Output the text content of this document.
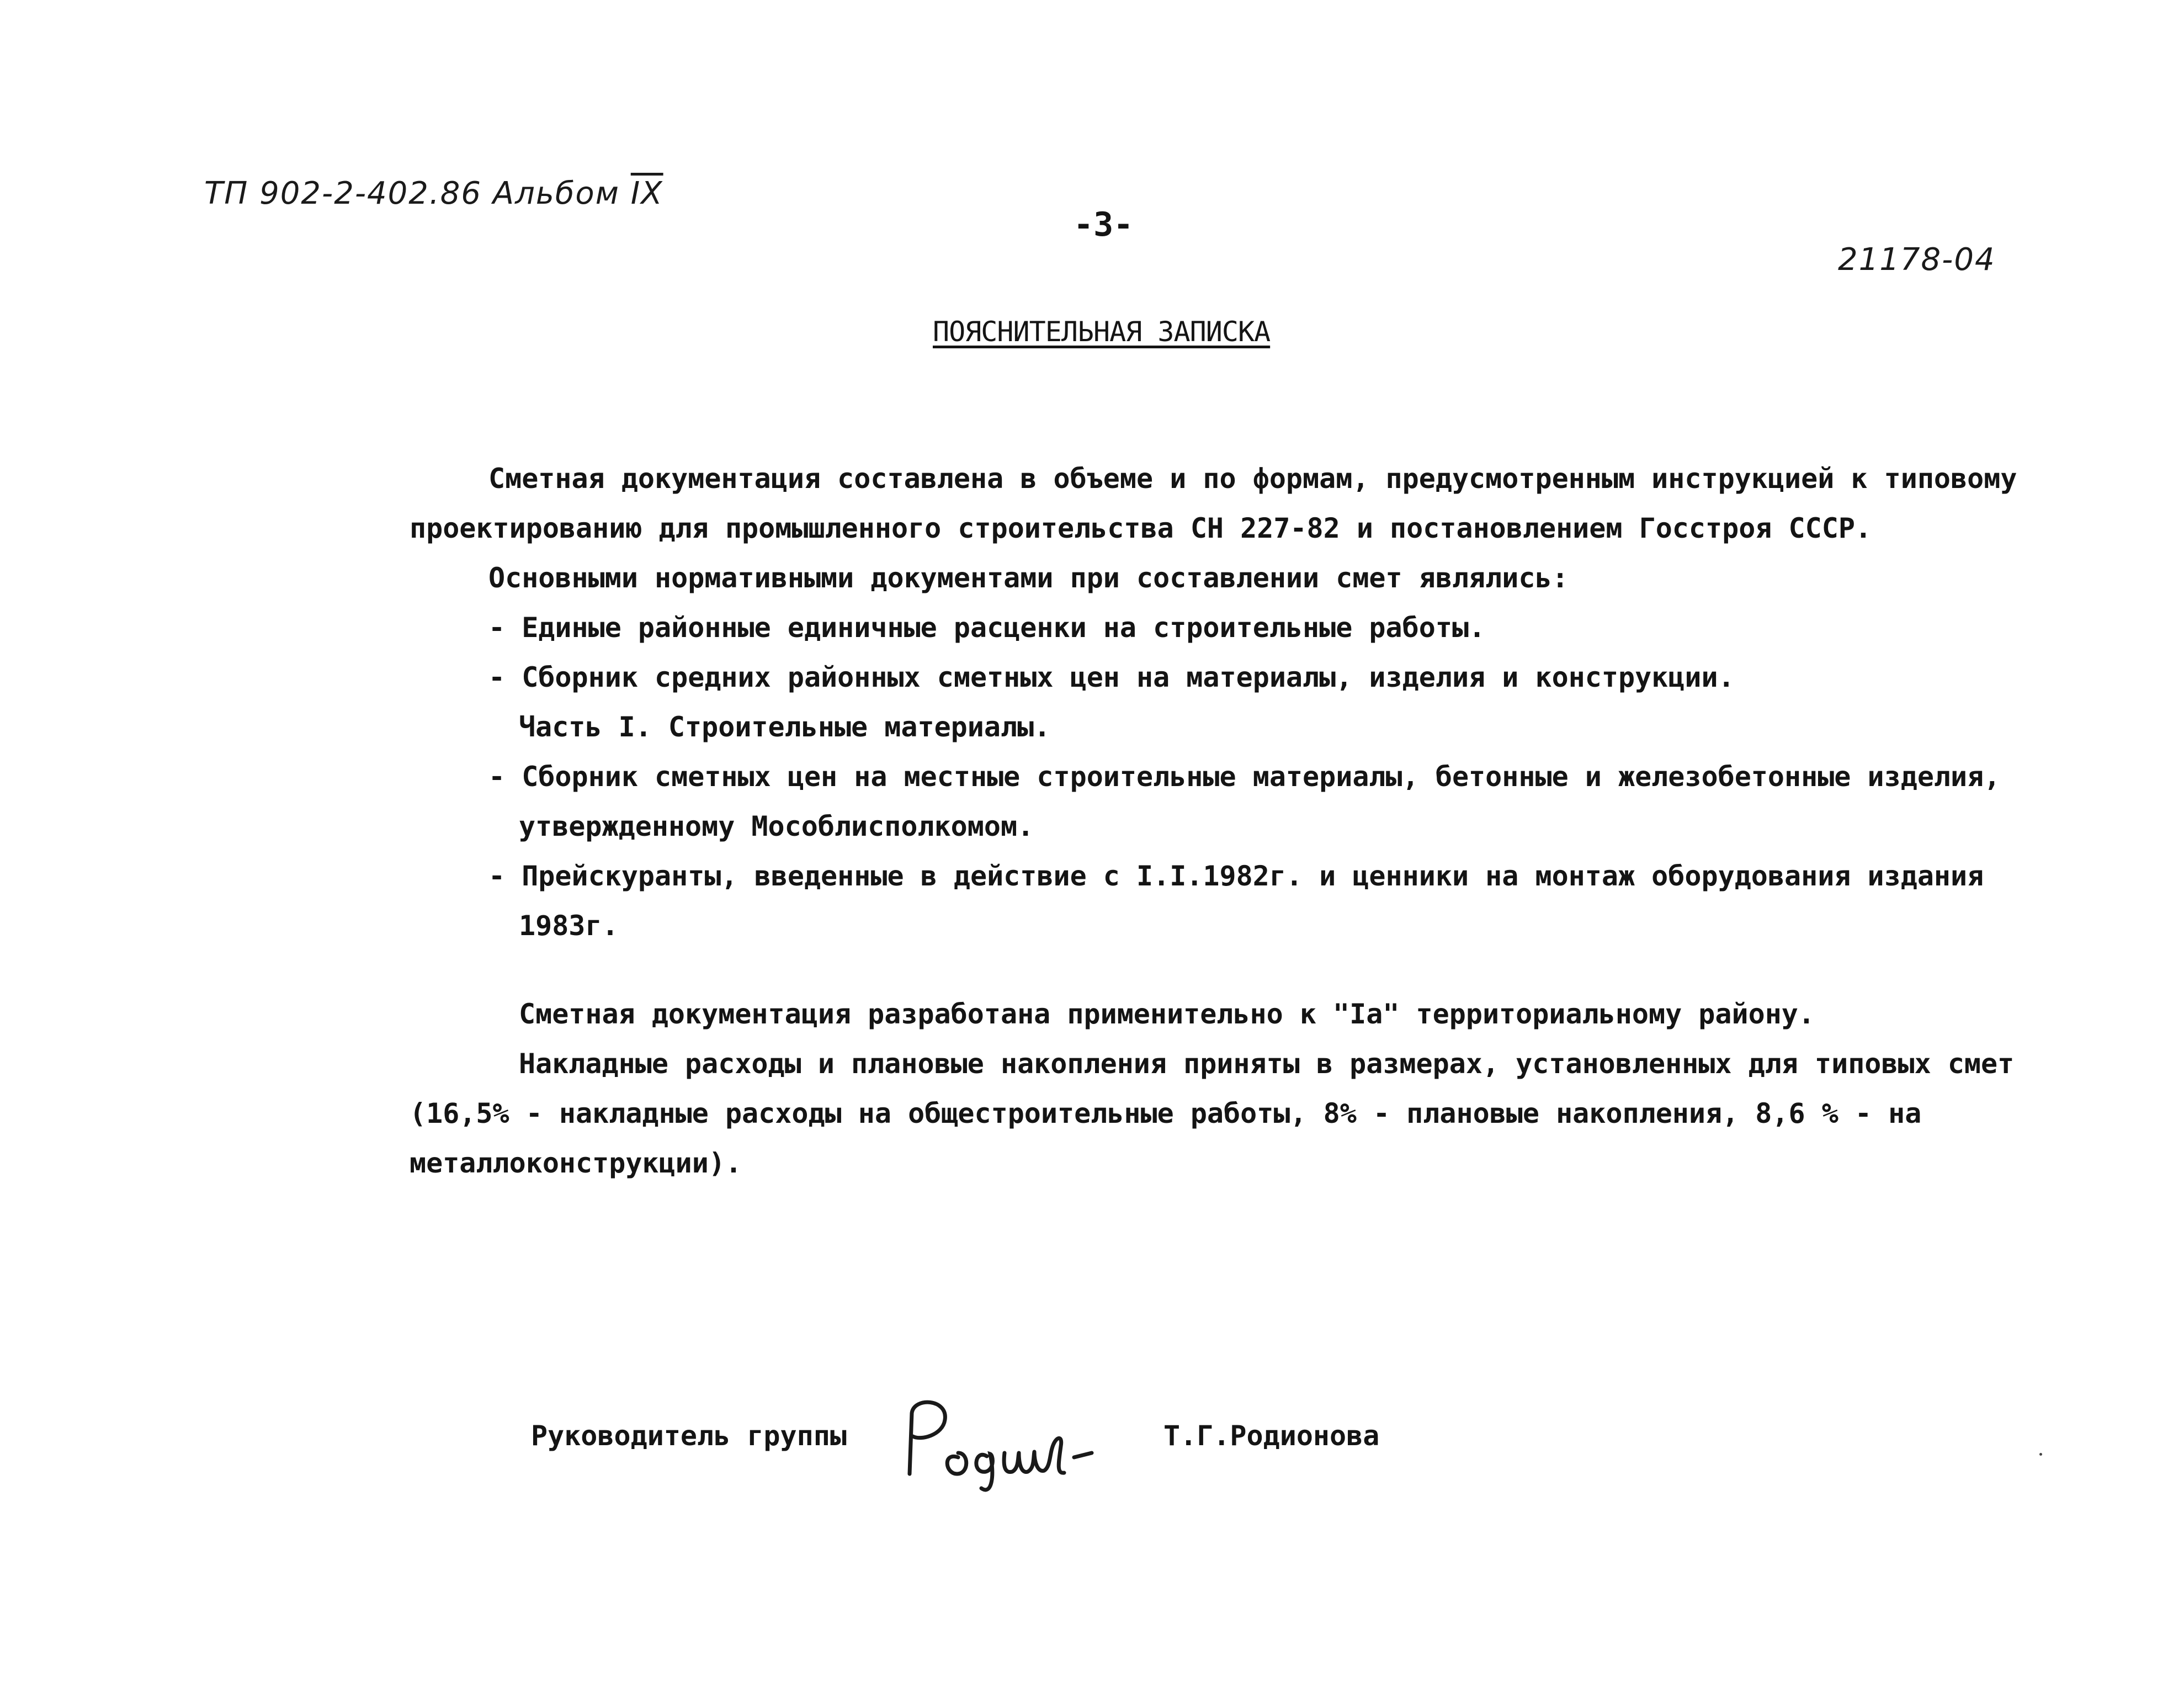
ТП 902-2-402.86 Альбом $\overline{IX}$
-3-
21178-04
ПОЯСНИТЕЛЬНАЯ ЗАПИСКА
Сметная документация составлена в объеме и по формам, предусмотренным инструкцией к типовому
проектированию для промышленного строительства СН 227-82 и постановлением Госстроя СССР.
Основными нормативными документами при составлении смет являлись:
- Единые районные единичные расценки на строительные работы.
- Сборник средних районных сметных цен на материалы, изделия и конструкции.
Часть I. Строительные материалы.
- Сборник сметных цен на местные строительные материалы, бетонные и железобетонные изделия,
утвержденному Мособлисполкомом.
- Прейскуранты, введенные в действие с I.I.1982г. и ценники на монтаж оборудования издания
1983г.
Сметная документация разработана применительно к "Iа" территориальному району.
Накладные расходы и плановые накопления приняты в размерах, установленных для типовых смет
(16,5% - накладные расходы на общестроительные работы, 8% - плановые накопления, 8,6 % - на
металлоконструкции).
Руководитель группы	Т.Г.Родионова
